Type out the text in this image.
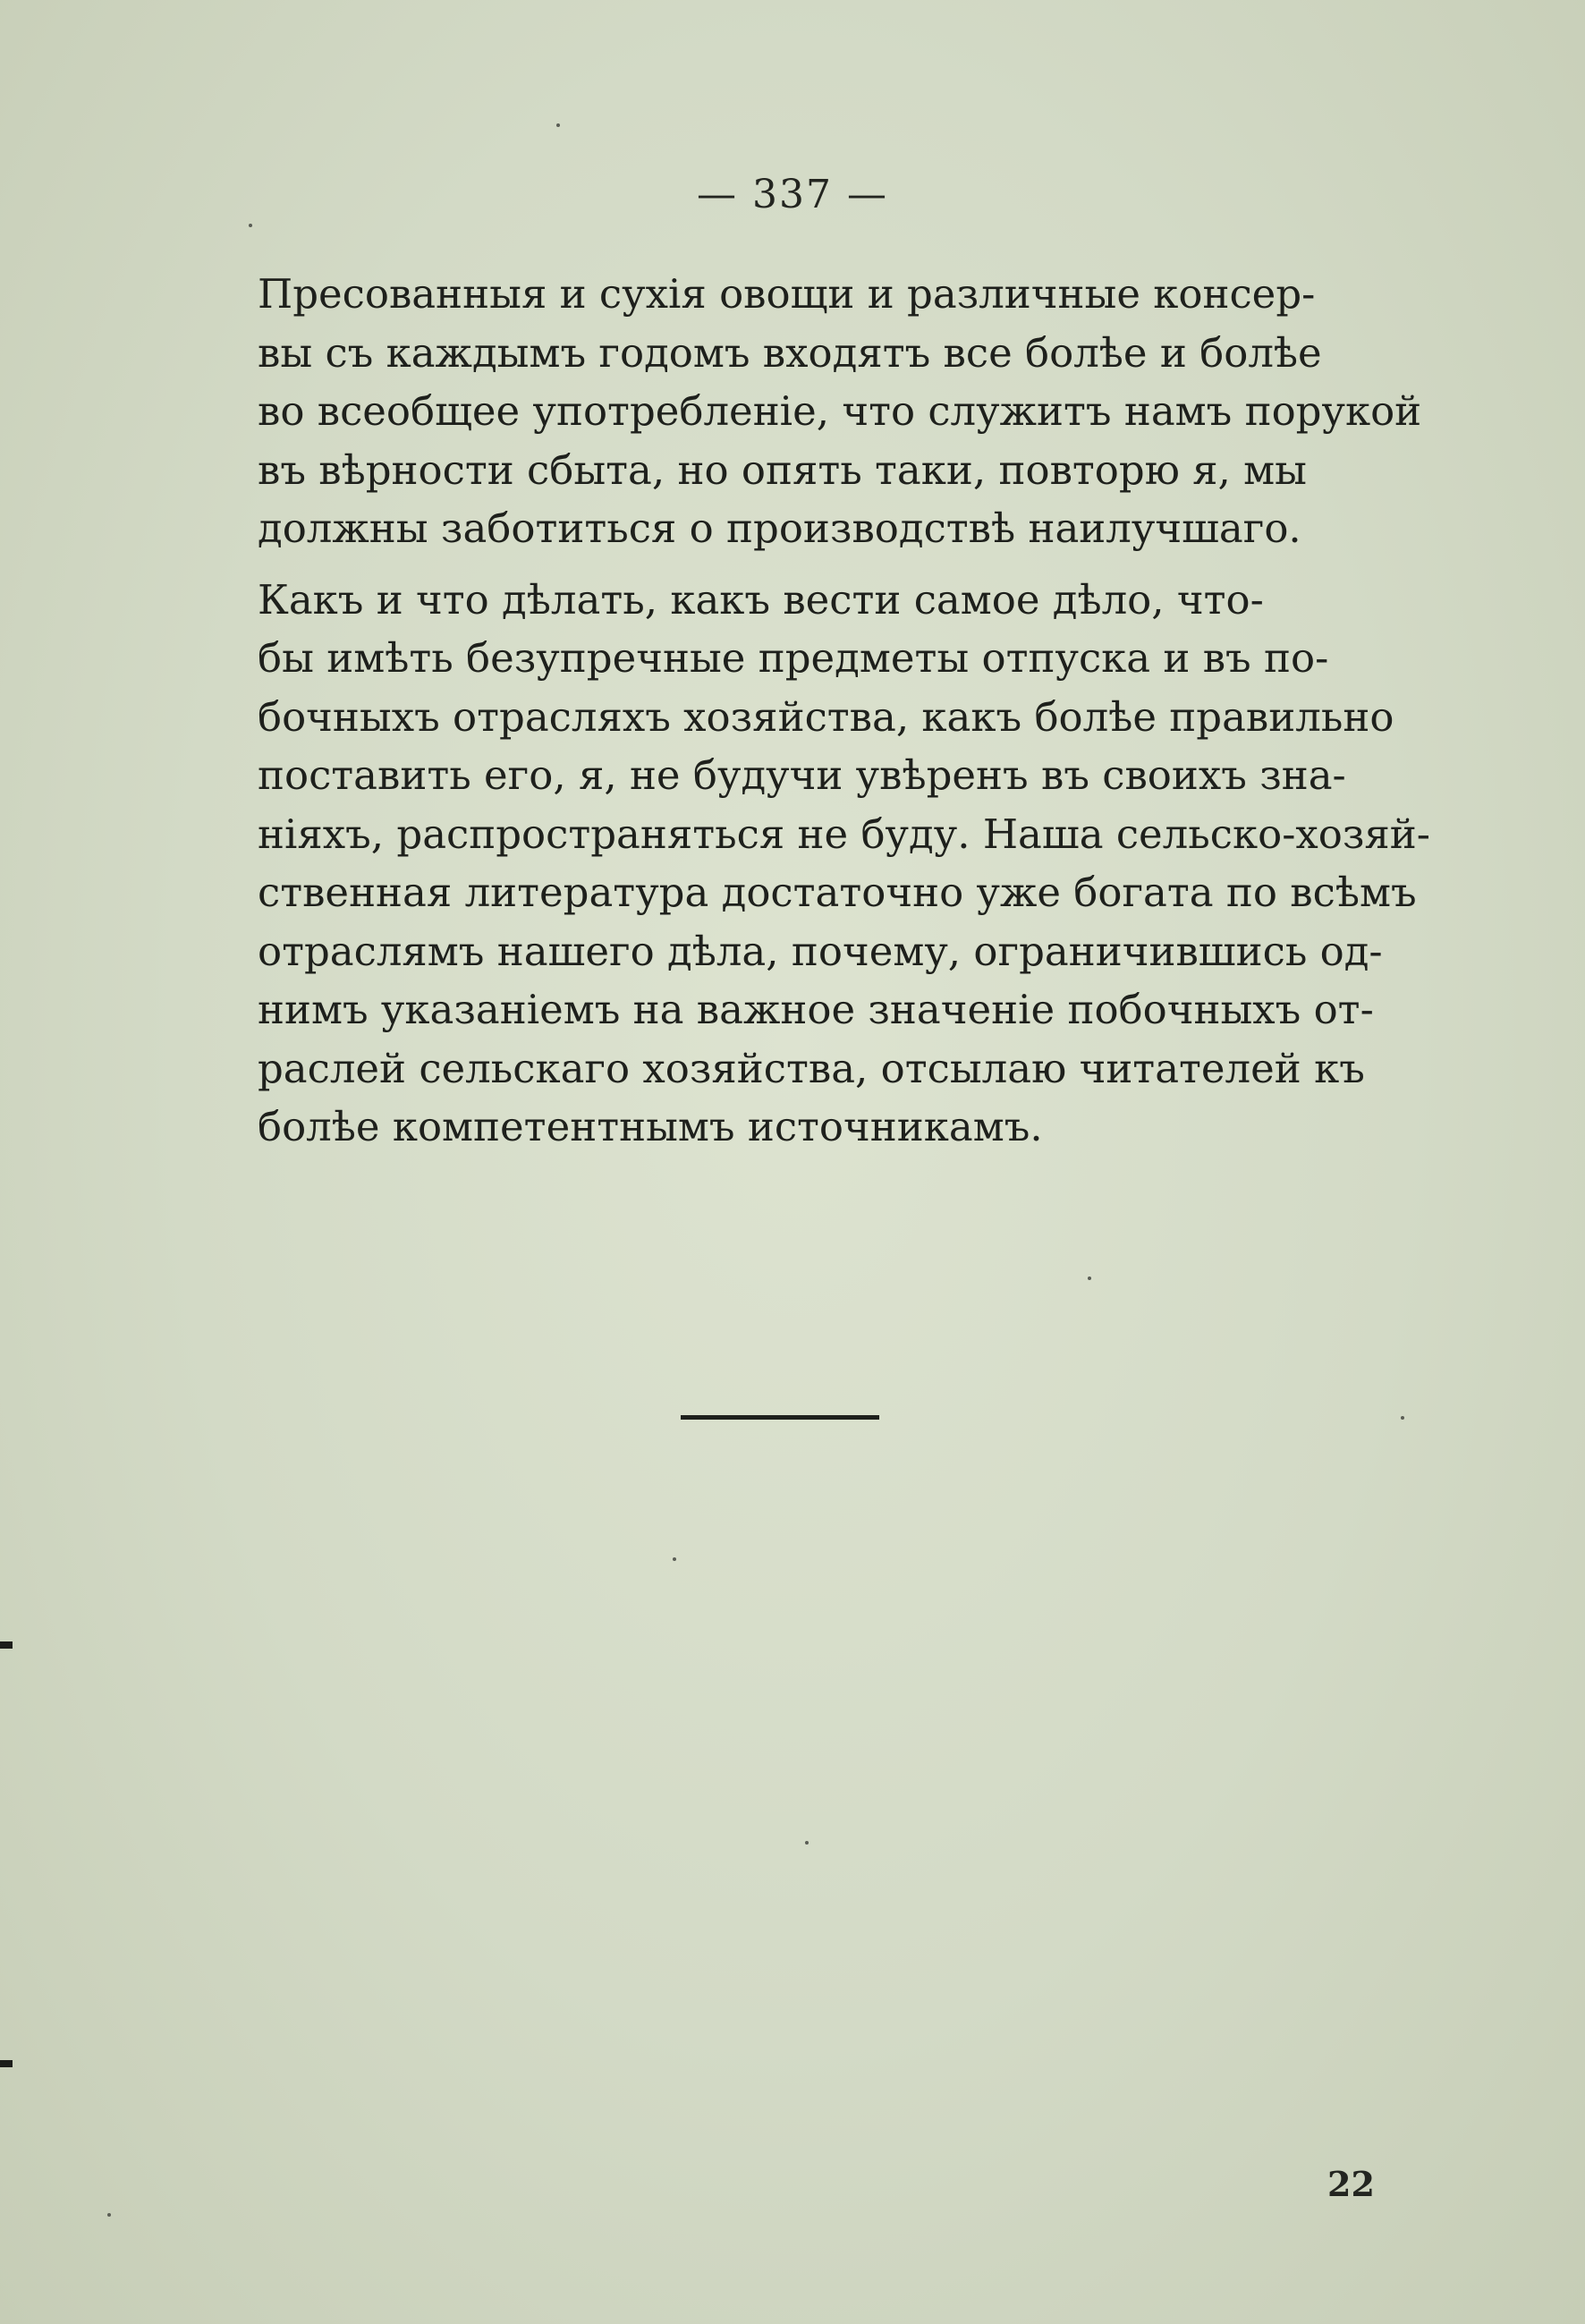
— 337 —

Пресованныя и сухія овощи и различные консер-
вы съ каждымъ годомъ входятъ все болѣе и болѣе
во всеобщее употребленіе, что служитъ намъ порукой
въ вѣрности сбыта, но опять таки, повторю я, мы
должны заботиться о производствѣ наилучшаго.

Какъ и что дѣлать, какъ вести самое дѣло, что-
бы имѣть безупречные предметы отпуска и въ по-
бочныхъ отрасляхъ хозяйства, какъ болѣе правильно
поставить его, я, не будучи увѣренъ въ своихъ зна-
ніяхъ, распространяться не буду. Наша сельско-хозяй-
ственная литература достаточно уже богата по всѣмъ
отраслямъ нашего дѣла, почему, ограничившись од-
нимъ указаніемъ на важное значеніе побочныхъ от-
раслей сельскаго хозяйства, отсылаю читателей къ
болѣе компетентнымъ источникамъ.

22
